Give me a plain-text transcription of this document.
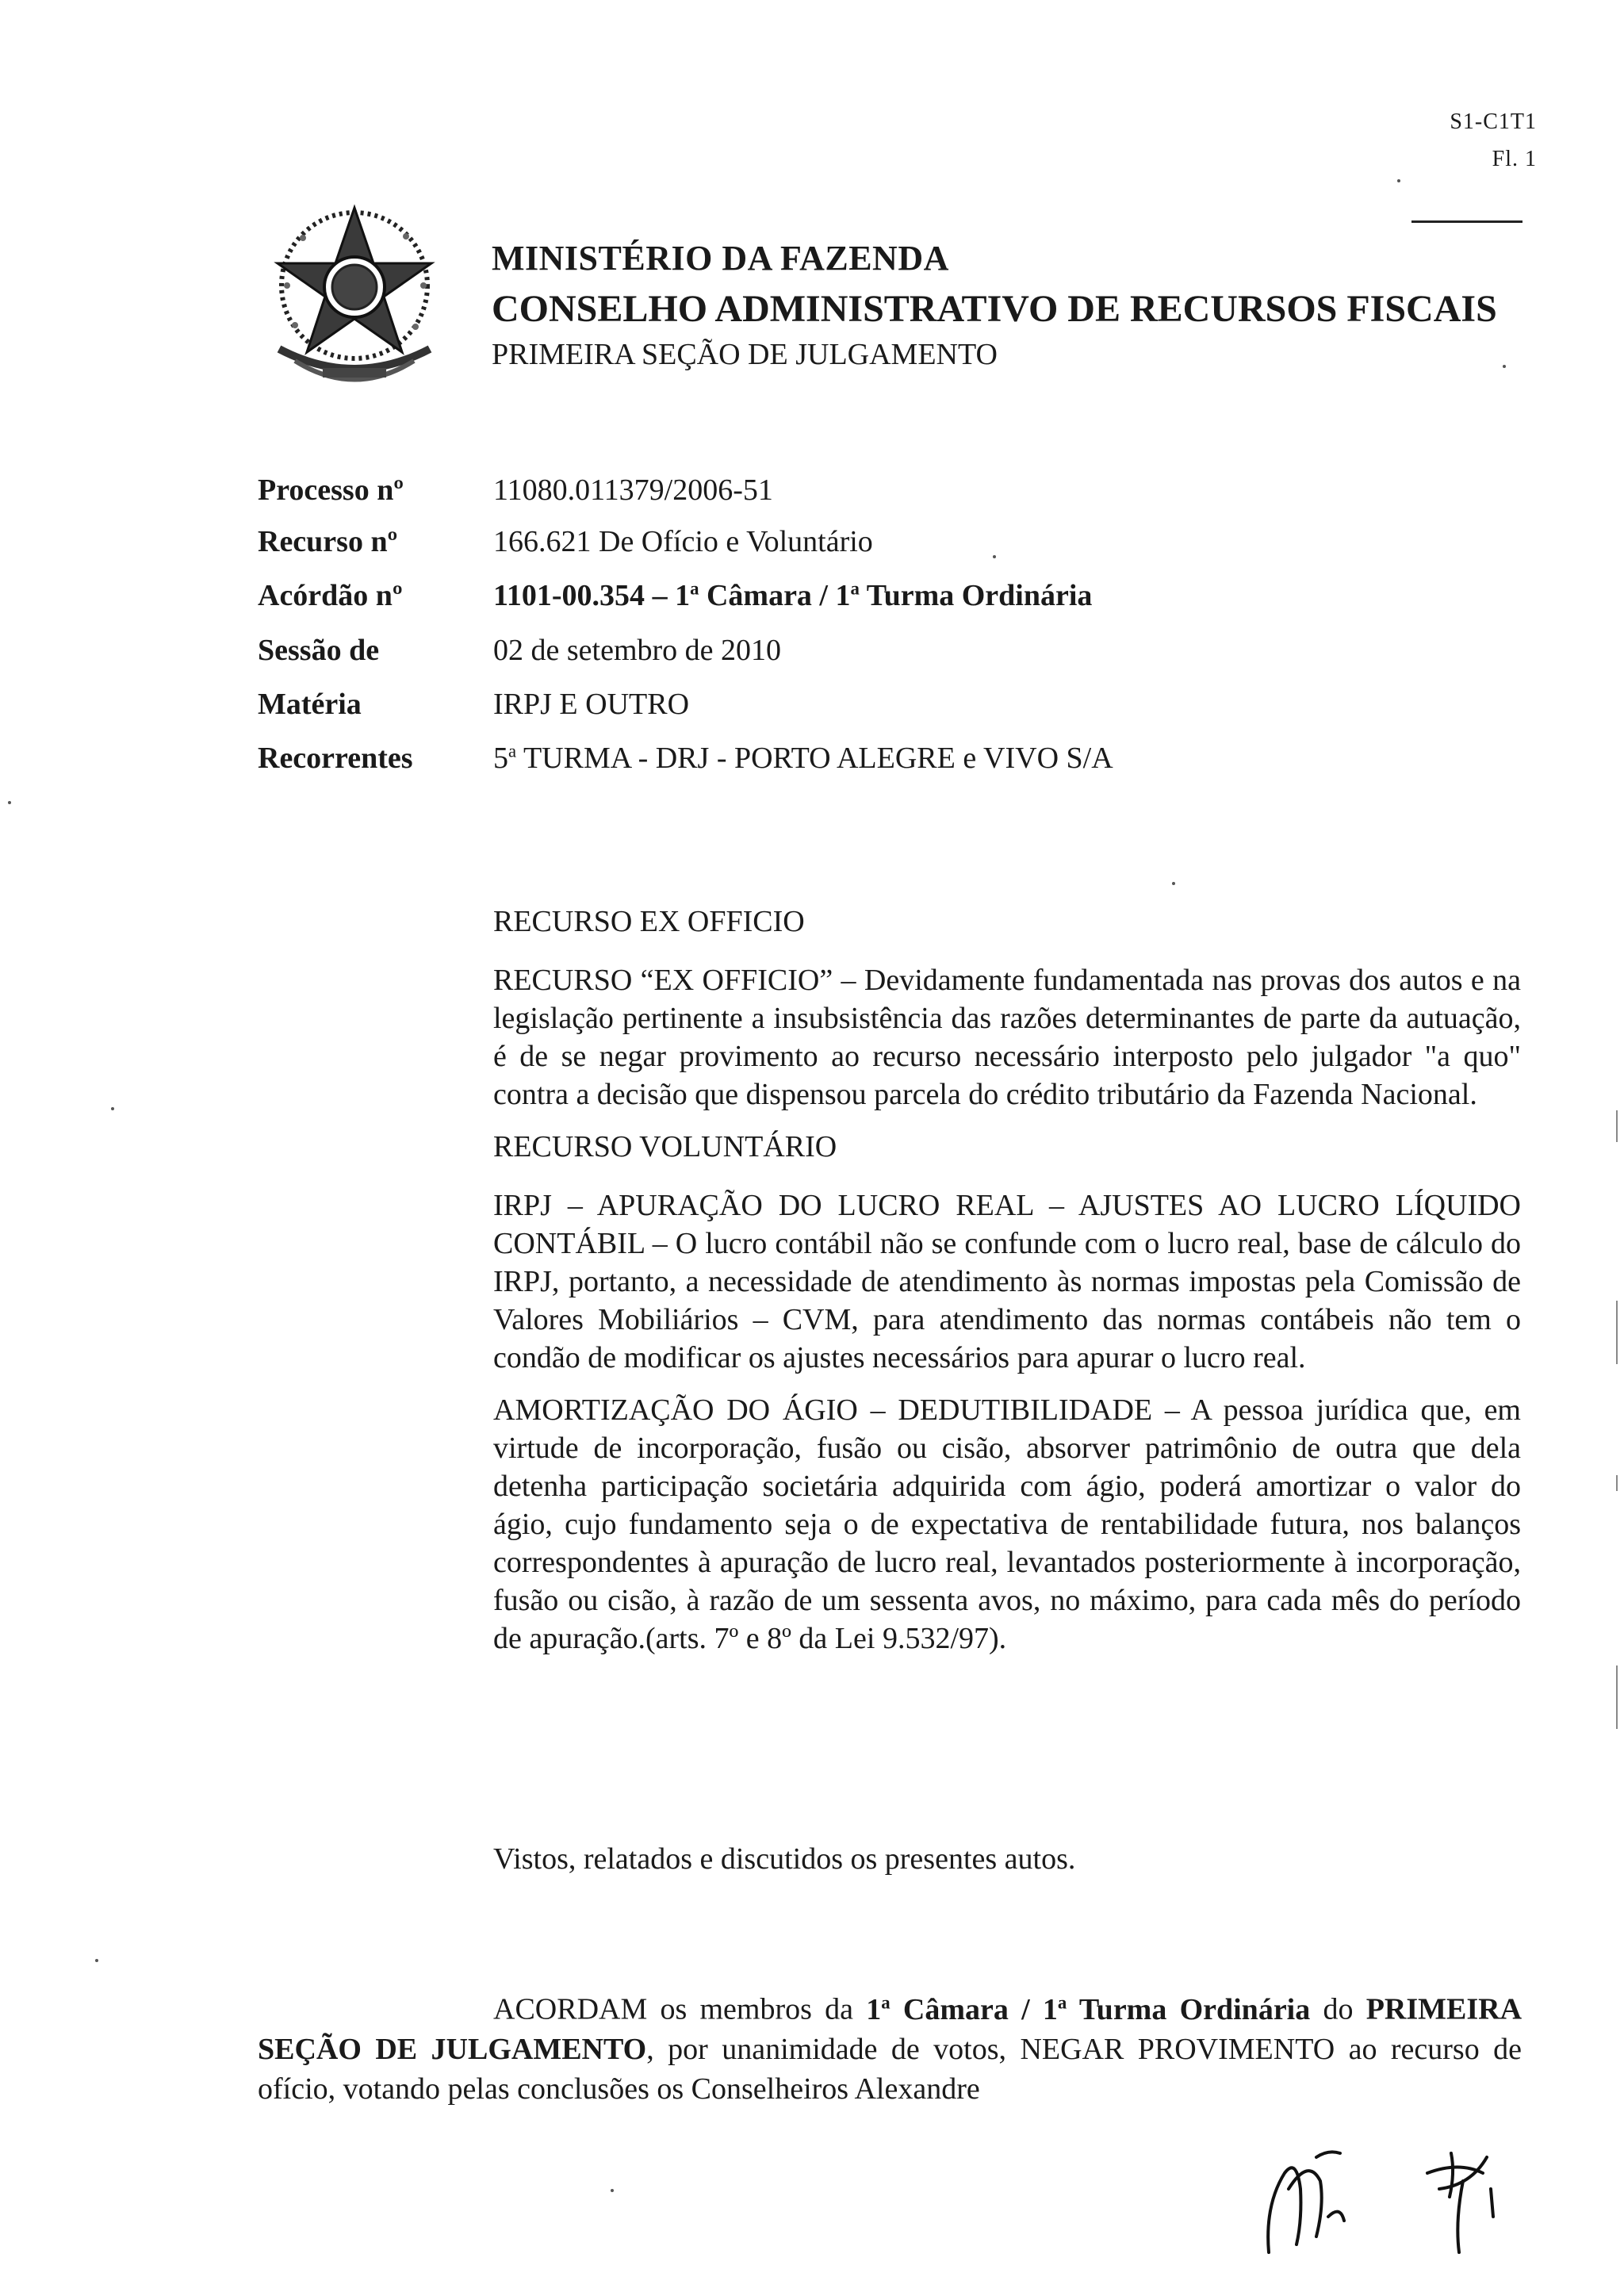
S1-C1T1
Fl. 1
MINISTÉRIO DA FAZENDA
CONSELHO ADMINISTRATIVO DE RECURSOS FISCAIS
PRIMEIRA SEÇÃO DE JULGAMENTO
Processo nº	11080.011379/2006-51
Recurso nº	166.621 De Ofício e Voluntário
Acórdão nº	1101-00.354 – 1$^a$ Câmara / 1$^a$ Turma Ordinária
Sessão de	02 de setembro de 2010
Matéria	IRPJ E OUTRO
Recorrentes	5$^a$ TURMA - DRJ - PORTO ALEGRE e VIVO S/A

RECURSO EX OFFICIO

RECURSO “EX OFFICIO” – Devidamente fundamentada nas provas dos autos e na legislação pertinente a insubsistência das razões determinantes de parte da autuação, é de se negar provimento ao recurso necessário interposto pelo julgador "a quo" contra a decisão que dispensou parcela do crédito tributário da Fazenda Nacional.

RECURSO VOLUNTÁRIO

IRPJ – APURAÇÃO DO LUCRO REAL – AJUSTES AO LUCRO LÍQUIDO CONTÁBIL – O lucro contábil não se confunde com o lucro real, base de cálculo do IRPJ, portanto, a necessidade de atendimento às normas impostas pela Comissão de Valores Mobiliários – CVM, para atendimento das normas contábeis não tem o condão de modificar os ajustes necessários para apurar o lucro real.

AMORTIZAÇÃO DO ÁGIO – DEDUTIBILIDADE – A pessoa jurídica que, em virtude de incorporação, fusão ou cisão, absorver patrimônio de outra que dela detenha participação societária adquirida com ágio, poderá amortizar o valor do ágio, cujo fundamento seja o de expectativa de rentabilidade futura, nos balanços correspondentes à apuração de lucro real, levantados posteriormente à incorporação, fusão ou cisão, à razão de um sessenta avos, no máximo, para cada mês do período de apuração.(arts. 7º e 8º da Lei 9.532/97).

Vistos, relatados e discutidos os presentes autos.

ACORDAM os membros da 1$^a$ Câmara / 1$^a$ Turma Ordinária do PRIMEIRA SEÇÃO DE JULGAMENTO, por unanimidade de votos, NEGAR PROVIMENTO ao recurso de ofício, votando pelas conclusões os Conselheiros Alexandre
